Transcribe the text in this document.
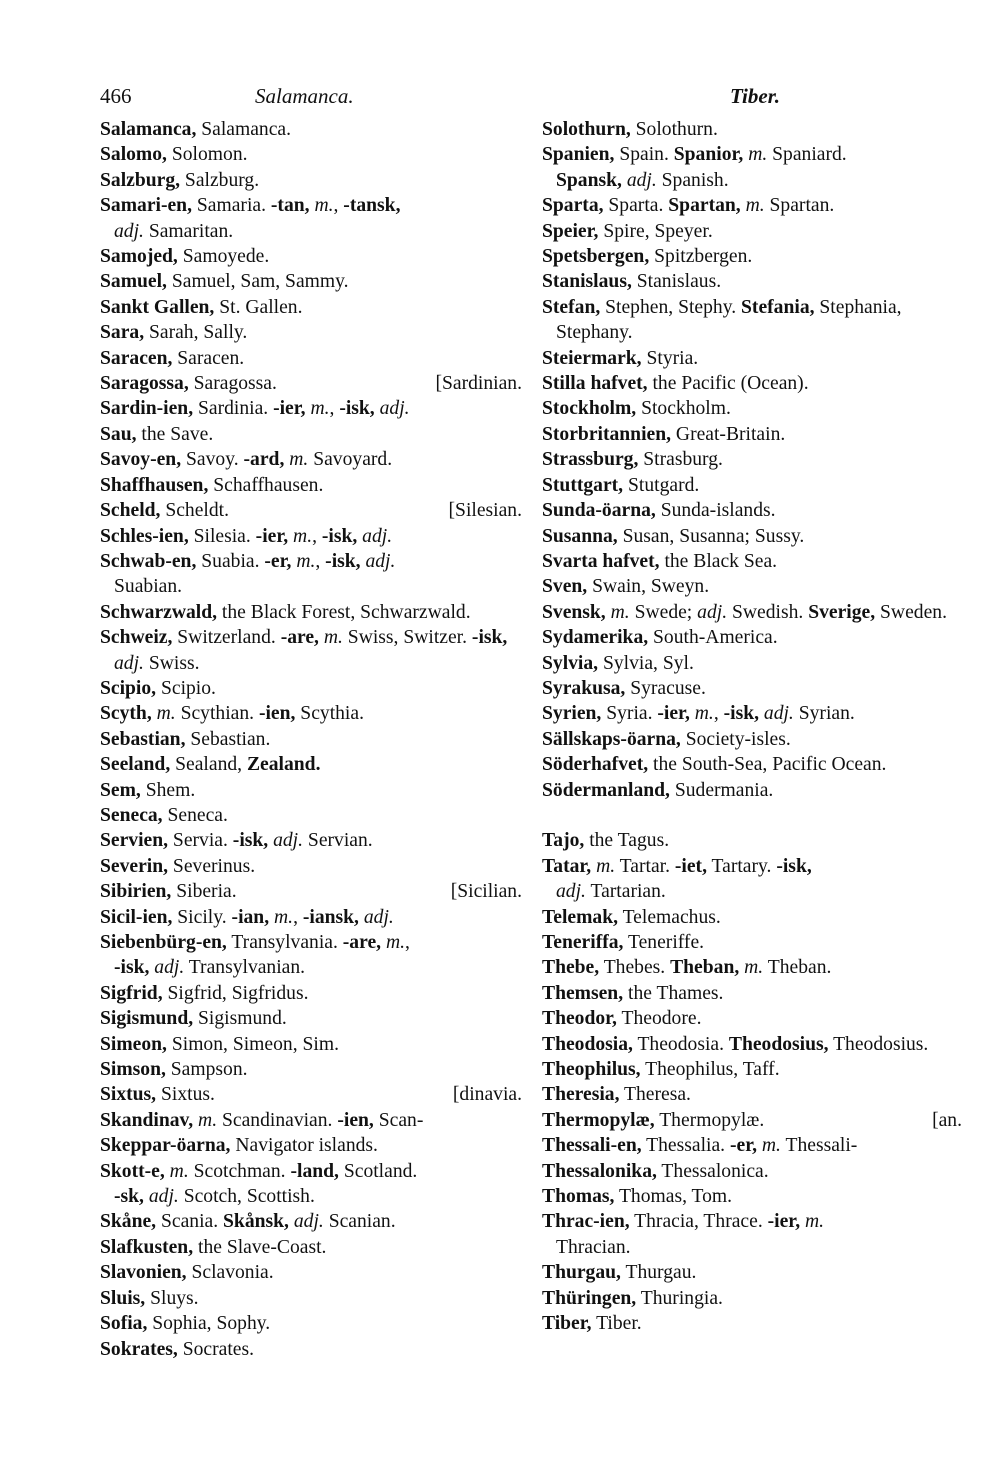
466	Salamanca.	Tiber.

Salamanca, Salamanca.

Salomo, Solomon.

Salzburg, Salzburg.

Samari-en, Samaria. -tan, m., -tansk,
adj. Samaritan.

Samojed, Samoyede.

Samuel, Samuel, Sam, Sammy.

Sankt Gallen, St. Gallen.

Sara, Sarah, Sally.

Saracen, Saracen.

Saragossa, Saragossa.	[Sardinian.

Sardin-ien, Sardinia. -ier, m., -isk, adj.

Sau, the Save.

Savoy-en, Savoy. -ard, m. Savoyard.

Shaffhausen, Schaffhausen.

Scheld, Scheldt.	[Silesian.

Schles-ien, Silesia. -ier, m., -isk, adj.

Schwab-en, Suabia. -er, m., -isk, adj.
Suabian.

Schwarzwald, the Black Forest, Schwarzwald.

Schweiz, Switzerland. -are, m. Swiss, Switzer. -isk, adj. Swiss.

Scipio, Scipio.

Scyth, m. Scythian. -ien, Scythia.

Sebastian, Sebastian.

Seeland, Sealand, Zealand.

Sem, Shem.

Seneca, Seneca.

Servien, Servia. -isk, adj. Servian.

Severin, Severinus.

Sibirien, Siberia.	[Sicilian.

Sicil-ien, Sicily. -ian, m., -iansk, adj.

Siebenbürg-en, Transylvania. -are, m.,
-isk, adj. Transylvanian.

Sigfrid, Sigfrid, Sigfridus.

Sigismund, Sigismund.

Simeon, Simon, Simeon, Sim.

Simson, Sampson.

Sixtus, Sixtus.	[dinavia.

Skandinav, m. Scandinavian. -ien, Scan-

Skeppar-öarna, Navigator islands.

Skott-e, m. Scotchman. -land, Scotland.
-sk, adj. Scotch, Scottish.

Skåne, Scania. Skånsk, adj. Scanian.

Slafkusten, the Slave-Coast.

Slavonien, Sclavonia.

Sluis, Sluys.

Sofia, Sophia, Sophy.

Sokrates, Socrates.

Solothurn, Solothurn.

Spanien, Spain. Spanior, m. Spaniard.
Spansk, adj. Spanish.

Sparta, Sparta. Spartan, m. Spartan.

Speier, Spire, Speyer.

Spetsbergen, Spitzbergen.

Stanislaus, Stanislaus.

Stefan, Stephen, Stephy. Stefania, Stephania, Stephany.

Steiermark, Styria.

Stilla hafvet, the Pacific (Ocean).

Stockholm, Stockholm.

Storbritannien, Great-Britain.

Strassburg, Strasburg.

Stuttgart, Stutgard.

Sunda-öarna, Sunda-islands.

Susanna, Susan, Susanna; Sussy.

Svarta hafvet, the Black Sea.

Sven, Swain, Sweyn.

Svensk, m. Swede; adj. Swedish. Sverige, Sweden.

Sydamerika, South-America.

Sylvia, Sylvia, Syl.

Syrakusa, Syracuse.

Syrien, Syria. -ier, m., -isk, adj. Syrian.

Sällskaps-öarna, Society-isles.

Söderhafvet, the South-Sea, Pacific Ocean.

Södermanland, Sudermania.

Tajo, the Tagus.

Tatar, m. Tartar. -iet, Tartary. -isk,
adj. Tartarian.

Telemak, Telemachus.

Teneriffa, Teneriffe.

Thebe, Thebes. Theban, m. Theban.

Themsen, the Thames.

Theodor, Theodore.

Theodosia, Theodosia. Theodosius, Theodosius.

Theophilus, Theophilus, Taff.

Theresia, Theresa.

Thermopylæ, Thermopylæ.	[an.

Thessali-en, Thessalia. -er, m. Thessali-

Thessalonika, Thessalonica.

Thomas, Thomas, Tom.

Thrac-ien, Thracia, Thrace. -ier, m.
Thracian.

Thurgau, Thurgau.

Thüringen, Thuringia.

Tiber, Tiber.
